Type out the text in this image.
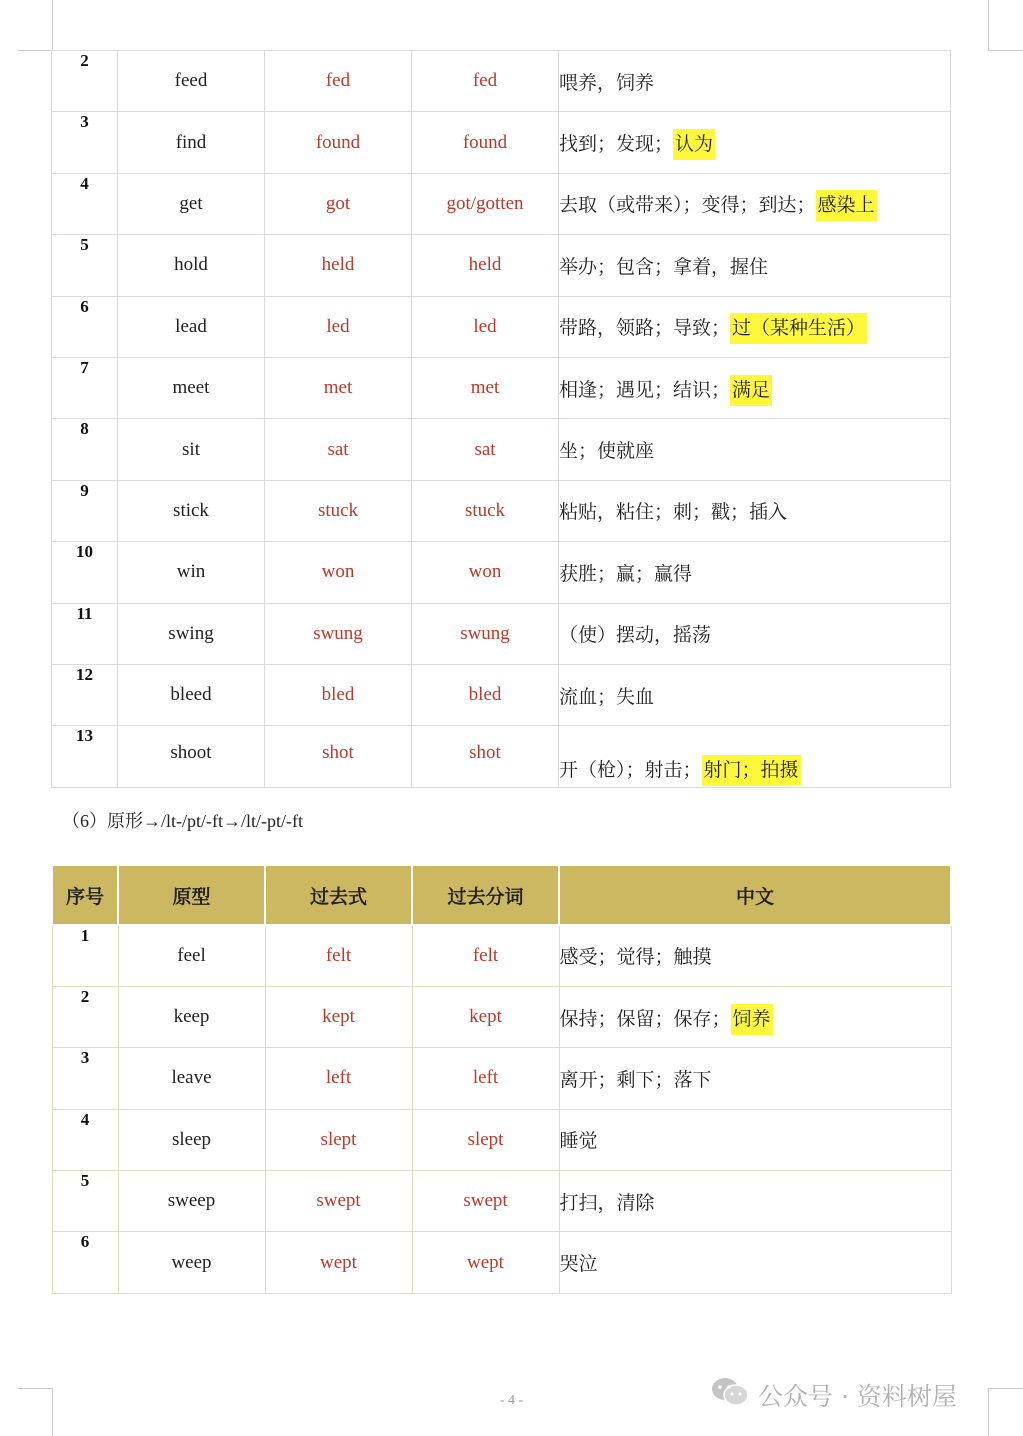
2	feed	fed	fed	喂养，饲养
3	find	found	found	找到；发现； 认为
4	get	got	got/gotten	去取（或带来）；变得；到达； 感染上
5	hold	held	held	举办；包含；拿着，握住
6	lead	led	led	带路，领路；导致； 过（某种生活）
7	meet	met	met	相逢；遇见；结识； 满足
8	sit	sat	sat	坐；使就座
9	stick	stuck	stuck	粘贴，粘住；刺；戳；插入
10	win	won	won	获胜；赢；赢得
11	swing	swung	swung	（使）摆动，摇荡
12	bleed	bled	bled	流血；失血
13	shoot	shot	shot	开（枪）；射击； 射门；拍摄
（6）原形→/lt-/pt/-ft→/lt/-pt/-ft
序号	原型	过去式	过去分词	中文
1	feel	felt	felt	感受；觉得；触摸
2	keep	kept	kept	保持；保留；保存； 饲养
3	leave	left	left	离开；剩下；落下
4	sleep	slept	slept	睡觉
5	sweep	swept	swept	打扫，清除
6	weep	wept	wept	哭泣
- 4 -	公众号 · 资料树屋
